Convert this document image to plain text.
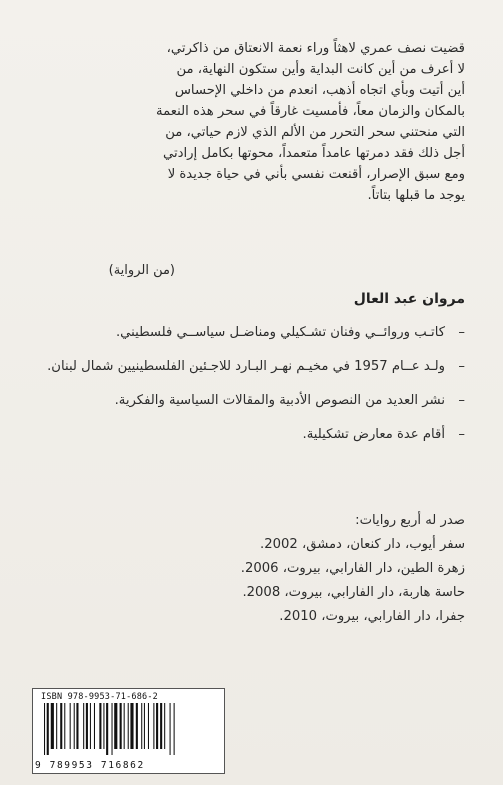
قضيت نصف عمري لاهثاً وراء نعمة الانعتاق من ذاكرتي،
لا أعرف من أين كانت البداية وأين ستكون النهاية، من
أين أتيت وبأي اتجاه أذهب، انعدم من داخلي الإحساس
بالمكان والزمان معاً، فأمسيت غارقاً في سحر هذه النعمة
التي منحتني سحر التحرر من الألم الذي لازم حياتي، من
أجل ذلك فقد دمرتها عامداً متعمداً، محوتها بكامل إرادتي
ومع سبق الإصرار، أقنعت نفسي بأني في حياة جديدة لا
يوجد ما قبلها بتاتاً.
(من الرواية)
مروان عبد العال
–
كاتـب وروائــي وفنان تشـكيلي ومناضـل سياســي فلسطيني.
–
ولـد عــام 1957 في مخيـم نهـر البـارد للاجـئين الفلسطينيين شمال لبنان.
–
نشر العديد من النصوص الأدبية والمقالات السياسية والفكرية.
–
أقام عدة معارض تشكيلية.
صدر له أربع روايات:
سفر أيوب، دار كنعان، دمشق، 2002.
زهرة الطين، دار الفارابي، بيروت، 2006.
حاسة هاربة، دار الفارابي، بيروت، 2008.
جفرا، دار الفارابي، بيروت، 2010.
ISBN 978-9953-71-686-2
9 789953 716862
